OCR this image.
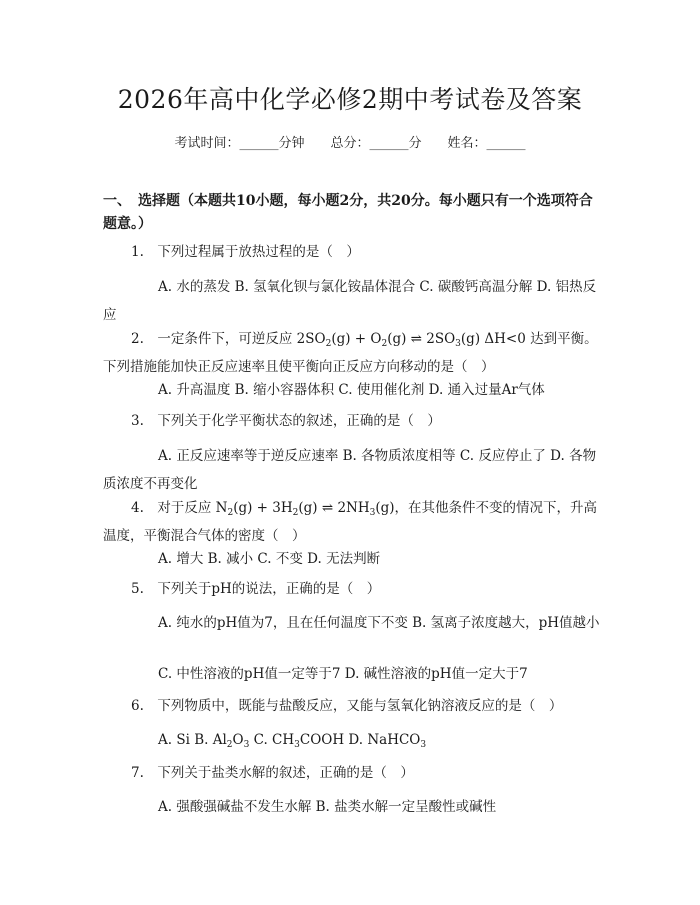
2026年高中化学必修2期中考试卷及答案
考试时间：______分钟 总分：______分 姓名：______
一、　选择题（本题共10小题，每小题2分，共20分。每小题只有一个选项符合题意。）
1.　下列过程属于放热过程的是（　）
A. 水的蒸发 B. 氢氧化钡与氯化铵晶体混合 C. 碳酸钙高温分解 D. 铝热反应
2.　一定条件下，可逆反应 $2SO_2(g) + O_2(g)$ ⇌ $2SO_3(g)$ ΔH<0 达到平衡。下列措施能加快正反应速率且使平衡向正反应方向移动的是（　）
A. 升高温度 B. 缩小容器体积 C. 使用催化剂 D. 通入过量Ar气体
3.　下列关于化学平衡状态的叙述，正确的是（　）
A. 正反应速率等于逆反应速率 B. 各物质浓度相等 C. 反应停止了 D. 各物质浓度不再变化
4.　对于反应 $N_2(g) + 3H_2(g)$ ⇌ $2NH_3(g)$，在其他条件不变的情况下，升高温度，平衡混合气体的密度（　）
A. 增大 B. 减小 C. 不变 D. 无法判断
5.　下列关于pH的说法，正确的是（　）
A. 纯水的pH值为7，且在任何温度下不变 B. 氢离子浓度越大，pH值越小
C. 中性溶液的pH值一定等于7 D. 碱性溶液的pH值一定大于7
6.　下列物质中，既能与盐酸反应，又能与氢氧化钠溶液反应的是（　）
A. Si B. $Al_2O_3$ C. $CH_3COOH$ D. NaHCO$_3$
7.　下列关于盐类水解的叙述，正确的是（　）
A. 强酸强碱盐不发生水解 B. 盐类水解一定呈酸性或碱性
